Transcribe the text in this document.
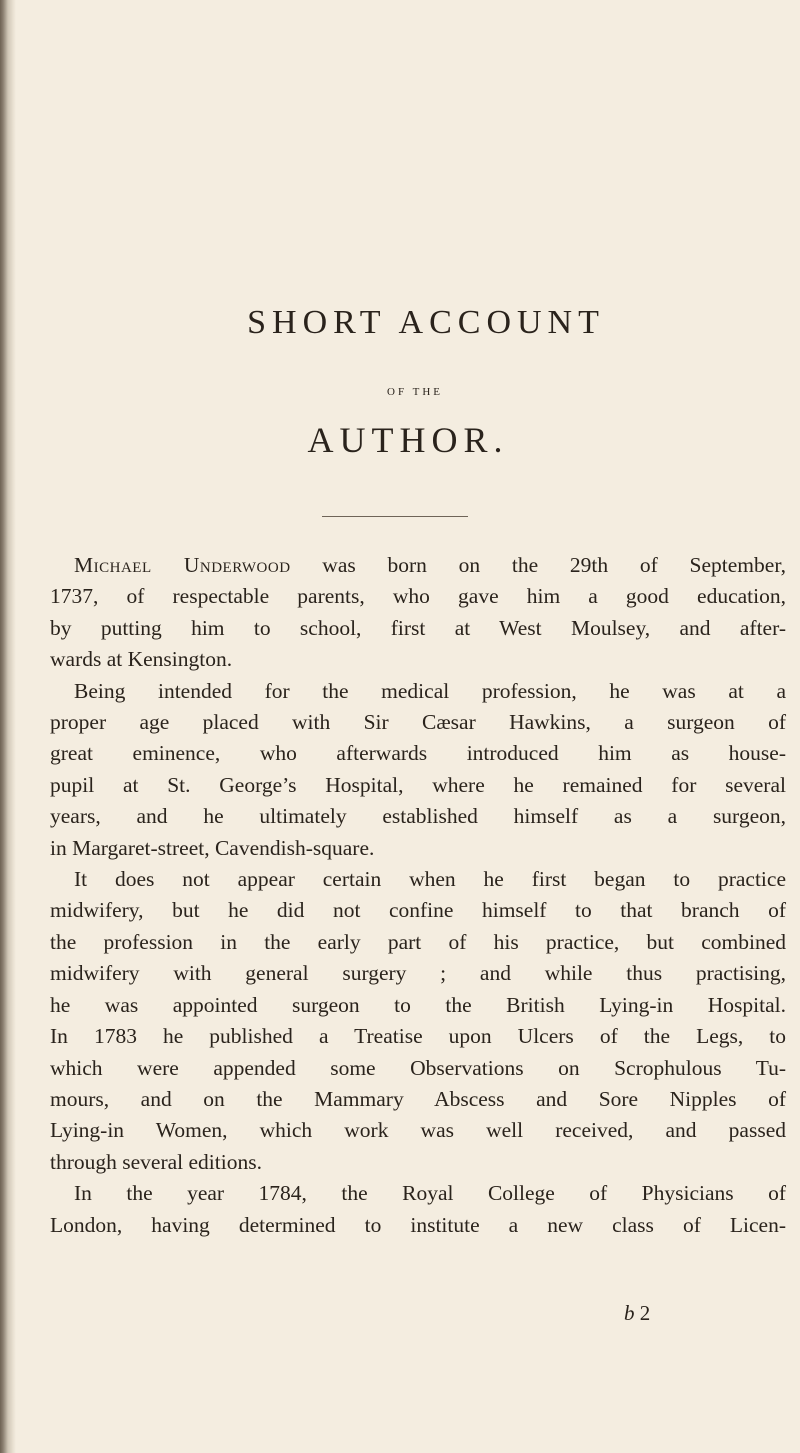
SHORT ACCOUNT
OF THE
AUTHOR.
Michael Underwood was born on the 29th of September,
1737, of respectable parents, who gave him a good education,
by putting him to school, first at West Moulsey, and after-
wards at Kensington.
Being intended for the medical profession, he was at a
proper age placed with Sir Cæsar Hawkins, a surgeon of
great eminence, who afterwards introduced him as house-
pupil at St. George’s Hospital, where he remained for several
years, and he ultimately established himself as a surgeon,
in Margaret-street, Cavendish-square.
It does not appear certain when he first began to practice
midwifery, but he did not confine himself to that branch of
the profession in the early part of his practice, but combined
midwifery with general surgery ; and while thus practising,
he was appointed surgeon to the British Lying-in Hospital.
In 1783 he published a Treatise upon Ulcers of the Legs, to
which were appended some Observations on Scrophulous Tu-
mours, and on the Mammary Abscess and Sore Nipples of
Lying-in Women, which work was well received, and passed
through several editions.
In the year 1784, the Royal College of Physicians of
London, having determined to institute a new class of Licen-
b 2
